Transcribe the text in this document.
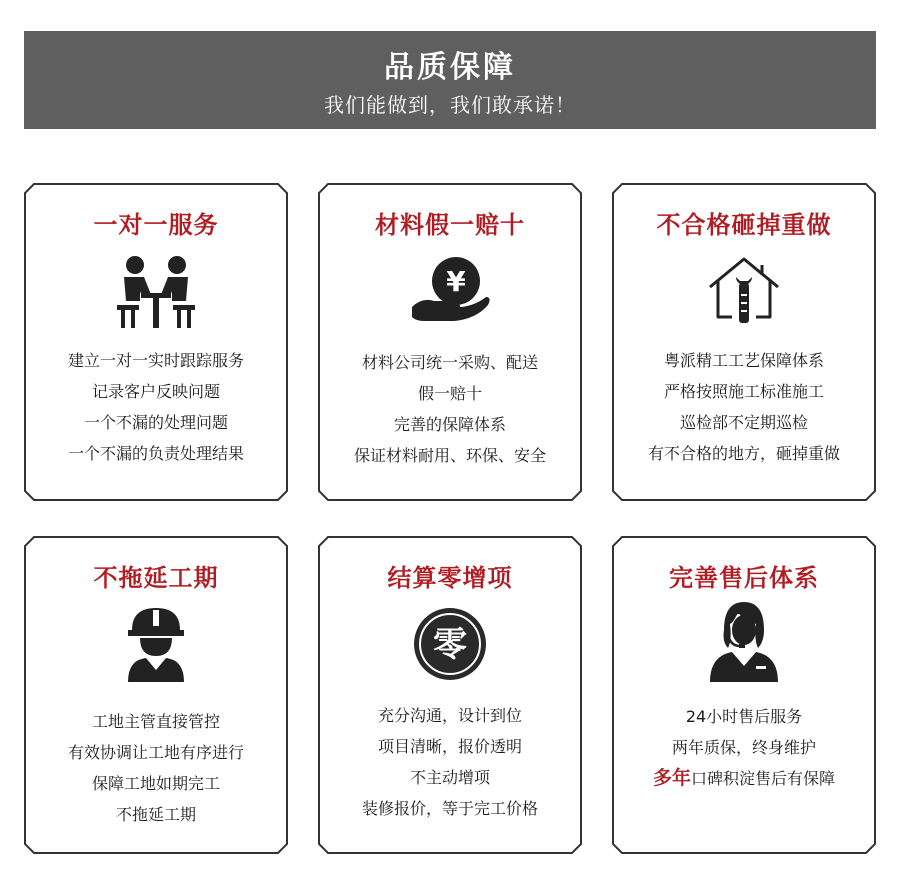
品质保障
我们能做到，我们敢承诺！
一对一服务
建立一对一实时跟踪服务
记录客户反映问题
一个不漏的处理问题
一个不漏的负责处理结果
材料假一赔十
¥
材料公司统一采购、配送
假一赔十
完善的保障体系
保证材料耐用、环保、安全
不合格砸掉重做
粤派精工工艺保障体系
严格按照施工标准施工
巡检部不定期巡检
有不合格的地方，砸掉重做
不拖延工期
工地主管直接管控
有效协调让工地有序进行
保障工地如期完工
不拖延工期
结算零增项
零
充分沟通，设计到位
项目清晰，报价透明
不主动增项
装修报价，等于完工价格
完善售后体系
24小时售后服务
两年质保，终身维护
多年口碑积淀售后有保障
